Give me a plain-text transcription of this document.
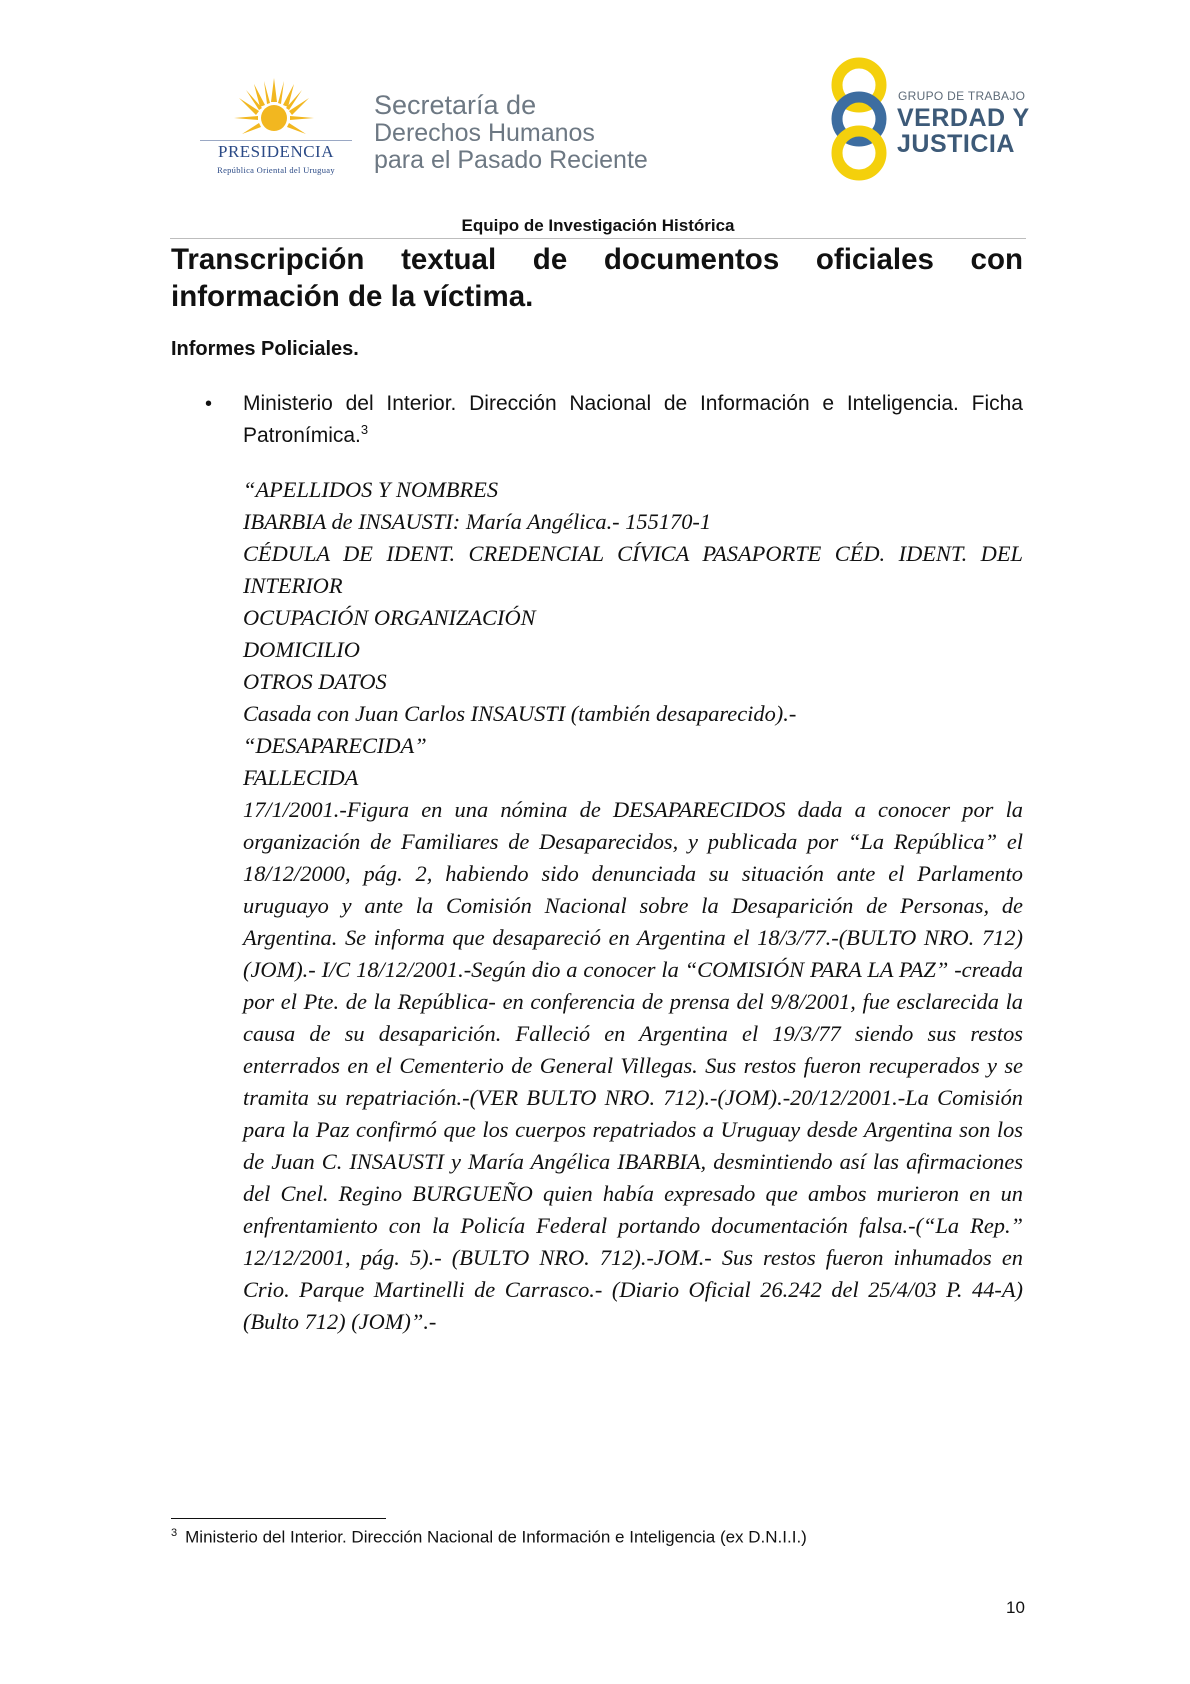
PRESIDENCIA
República Oriental del Uruguay
Secretaría de
Derechos Humanos
para el Pasado Reciente
GRUPO DE TRABAJO
VERDAD Y
JUSTICIA
Equipo de Investigación Histórica
Transcripción textual de documentos oficiales con información de la víctima.
Informes Policiales.
• Ministerio del Interior. Dirección Nacional de Información e Inteligencia. Ficha Patronímica.$^3$
“APELLIDOS Y NOMBRES
IBARBIA de INSAUSTI: María Angélica.- 155170-1
CÉDULA DE IDENT. CREDENCIAL CÍVICA PASAPORTE CÉD. IDENT. DEL INTERIOR
OCUPACIÓN ORGANIZACIÓN
DOMICILIO
OTROS DATOS
Casada con Juan Carlos INSAUSTI (también desaparecido).-
“DESAPARECIDA”
FALLECIDA
17/1/2001.-Figura en una nómina de DESAPARECIDOS dada a conocer por la organización de Familiares de Desaparecidos, y publicada por “La República” el 18/12/2000, pág. 2, habiendo sido denunciada su situación ante el Parlamento uruguayo y ante la Comisión Nacional sobre la Desaparición de Personas, de Argentina. Se informa que desapareció en Argentina el 18/3/77.-(BULTO NRO. 712) (JOM).- I/C 18/12/2001.-Según dio a conocer la “COMISIÓN PARA LA PAZ” -creada por el Pte. de la República- en conferencia de prensa del 9/8/2001, fue esclarecida la causa de su desaparición. Falleció en Argentina el 19/3/77 siendo sus restos enterrados en el Cementerio de General Villegas. Sus restos fueron recuperados y se tramita su repatriación.-(VER BULTO NRO. 712).-(JOM).-20/12/2001.-La Comisión para la Paz confirmó que los cuerpos repatriados a Uruguay desde Argentina son los de Juan C. INSAUSTI y María Angélica IBARBIA, desmintiendo así las afirmaciones del Cnel. Regino BURGUEÑO quien había expresado que ambos murieron en un enfrentamiento con la Policía Federal portando documentación falsa.-(“La Rep.” 12/12/2001, pág. 5).- (BULTO NRO. 712).-JOM.- Sus restos fueron inhumados en Crio. Parque Martinelli de Carrasco.- (Diario Oficial 26.242 del 25/4/03 P. 44-A) (Bulto 712) (JOM)”.-
$^3$ Ministerio del Interior. Dirección Nacional de Información e Inteligencia (ex D.N.I.I.)
10
